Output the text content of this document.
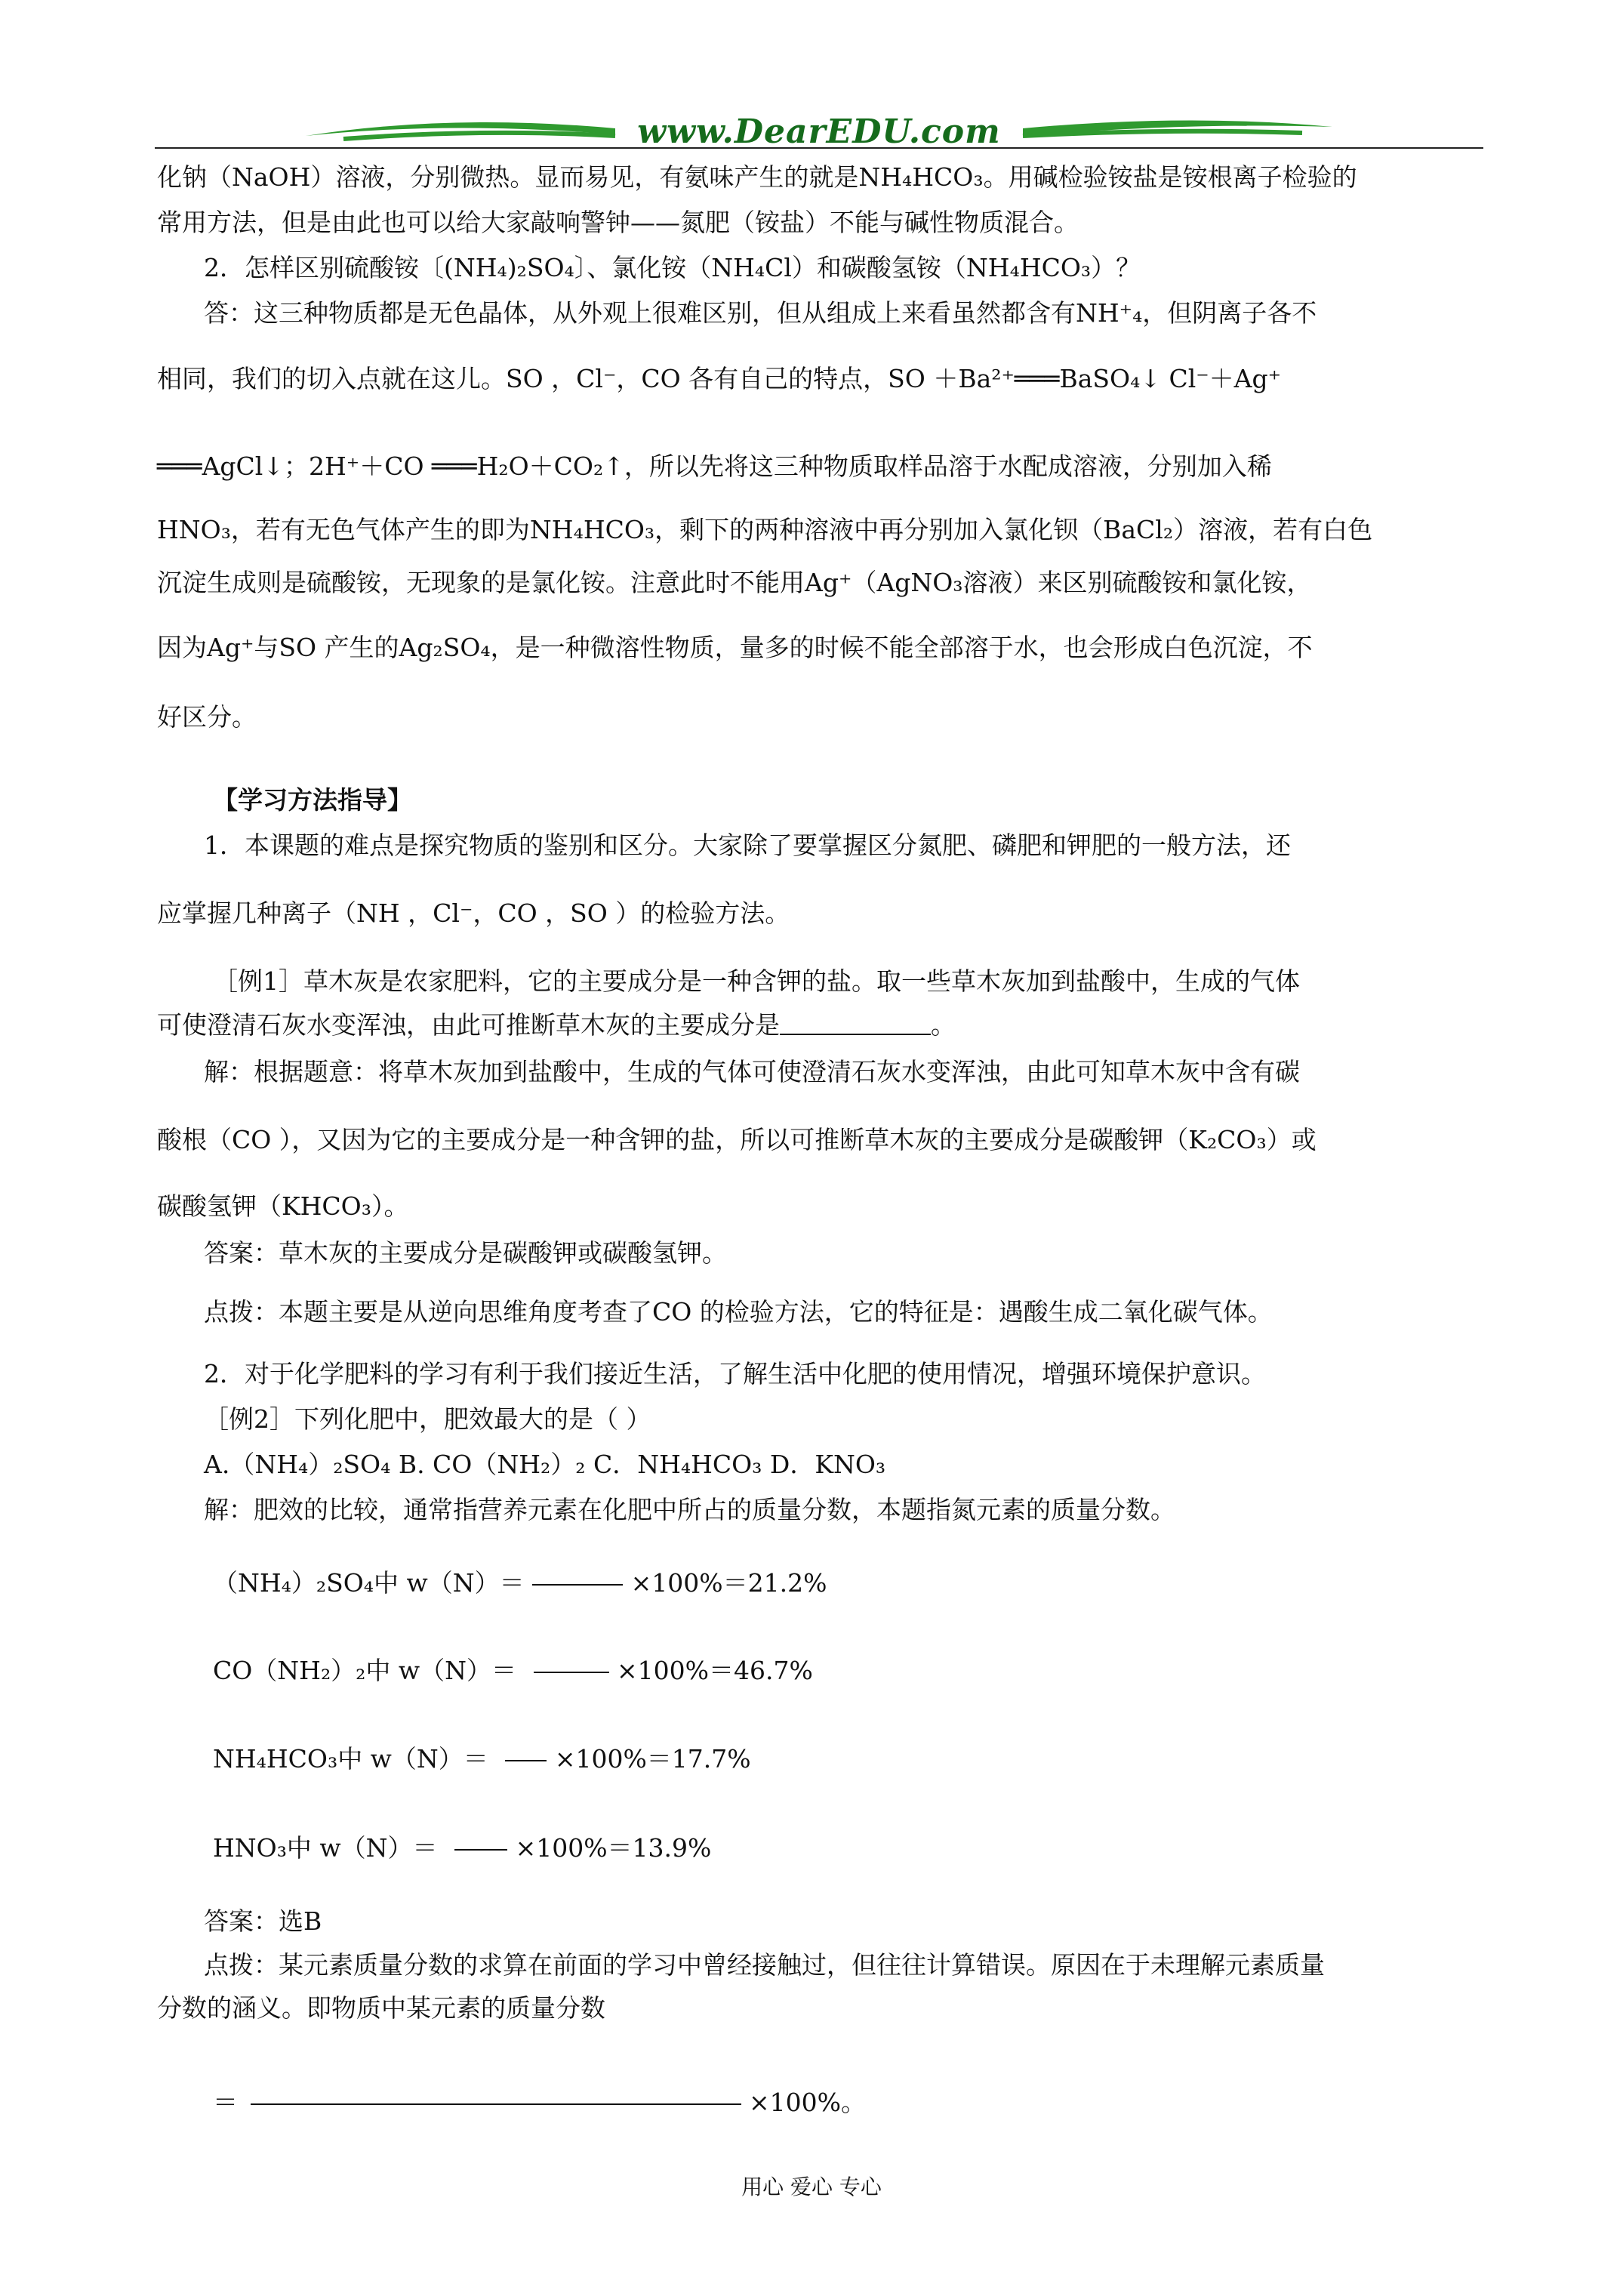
www.DearEDU.com
化钠（NaOH）溶液，分别微热。显而易见，有氨味产生的就是NH₄HCO₃。用碱检验铵盐是铵根离子检验的
常用方法，但是由此也可以给大家敲响警钟——氮肥（铵盐）不能与碱性物质混合。
2．怎样区别硫酸铵〔(NH₄)₂SO₄〕、氯化铵（NH₄Cl）和碳酸氢铵（NH₄HCO₃）？
答：这三种物质都是无色晶体，从外观上很难区别，但从组成上来看虽然都含有NH⁺₄，但阴离子各不
相同，我们的切入点就在这儿。SO ，Cl⁻，CO 各有自己的特点，SO ＋Ba²⁺═══BaSO₄↓ Cl⁻＋Ag⁺
═══AgCl↓；2H⁺＋CO ═══H₂O＋CO₂↑，所以先将这三种物质取样品溶于水配成溶液，分别加入稀
HNO₃，若有无色气体产生的即为NH₄HCO₃，剩下的两种溶液中再分别加入氯化钡（BaCl₂）溶液，若有白色
沉淀生成则是硫酸铵，无现象的是氯化铵。注意此时不能用Ag⁺（AgNO₃溶液）来区别硫酸铵和氯化铵，
因为Ag⁺与SO 产生的Ag₂SO₄，是一种微溶性物质，量多的时候不能全部溶于水，也会形成白色沉淀，不
好区分。
【学习方法指导】
1．本课题的难点是探究物质的鉴别和区分。大家除了要掌握区分氮肥、磷肥和钾肥的一般方法，还
应掌握几种离子（NH ，Cl⁻，CO ，SO ）的检验方法。
［例1］草木灰是农家肥料，它的主要成分是一种含钾的盐。取一些草木灰加到盐酸中，生成的气体
可使澄清石灰水变浑浊，由此可推断草木灰的主要成分是	。
解：根据题意：将草木灰加到盐酸中，生成的气体可使澄清石灰水变浑浊，由此可知草木灰中含有碳
酸根（CO ），又因为它的主要成分是一种含钾的盐，所以可推断草木灰的主要成分是碳酸钾（K₂CO₃）或
碳酸氢钾（KHCO₃）。
答案：草木灰的主要成分是碳酸钾或碳酸氢钾。
点拨：本题主要是从逆向思维角度考查了CO 的检验方法，它的特征是：遇酸生成二氧化碳气体。
2．对于化学肥料的学习有利于我们接近生活，了解生活中化肥的使用情况，增强环境保护意识。
［例2］下列化肥中，肥效最大的是（ ）
A.（NH₄）₂SO₄ B. CO（NH₂）₂ C．NH₄HCO₃ D．KNO₃
解：肥效的比较，通常指营养元素在化肥中所占的质量分数，本题指氮元素的质量分数。
（NH₄）₂SO₄中 w（N）＝	×100%＝21.2%
CO（NH₂）₂中 w（N）＝	×100%＝46.7%
NH₄HCO₃中 w（N）＝	×100%＝17.7%
HNO₃中 w（N）＝	×100%＝13.9%
答案：选B
点拨：某元素质量分数的求算在前面的学习中曾经接触过，但往往计算错误。原因在于未理解元素质量
分数的涵义。即物质中某元素的质量分数
＝	×100%。
用心 爱心 专心
